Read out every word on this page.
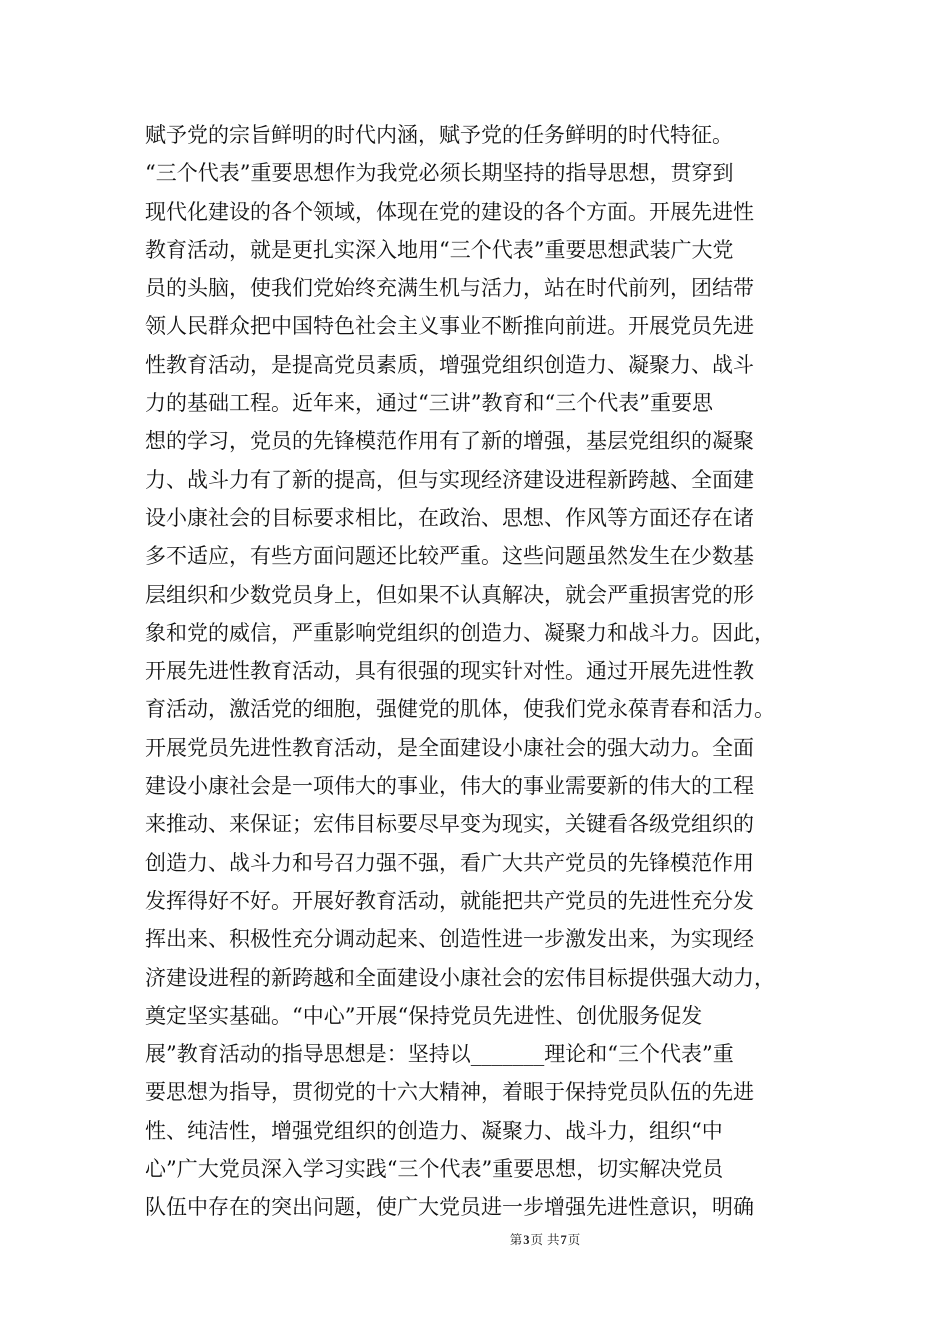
赋予党的宗旨鲜明的时代内涵，赋予党的任务鲜明的时代特征。
“三个代表”重要思想作为我党必须长期坚持的指导思想，贯穿到
现代化建设的各个领域，体现在党的建设的各个方面。开展先进性
教育活动，就是更扎实深入地用“三个代表”重要思想武装广大党
员的头脑，使我们党始终充满生机与活力，站在时代前列，团结带
领人民群众把中国特色社会主义事业不断推向前进。开展党员先进
性教育活动，是提高党员素质，增强党组织创造力、凝聚力、战斗
力的基础工程。近年来，通过“三讲”教育和“三个代表”重要思
想的学习，党员的先锋模范作用有了新的增强，基层党组织的凝聚
力、战斗力有了新的提高，但与实现经济建设进程新跨越、全面建
设小康社会的目标要求相比，在政治、思想、作风等方面还存在诸
多不适应，有些方面问题还比较严重。这些问题虽然发生在少数基
层组织和少数党员身上，但如果不认真解决，就会严重损害党的形
象和党的威信，严重影响党组织的创造力、凝聚力和战斗力。因此，
开展先进性教育活动，具有很强的现实针对性。通过开展先进性教
育活动，激活党的细胞，强健党的肌体，使我们党永葆青春和活力。
开展党员先进性教育活动，是全面建设小康社会的强大动力。全面
建设小康社会是一项伟大的事业，伟大的事业需要新的伟大的工程
来推动、来保证；宏伟目标要尽早变为现实，关键看各级党组织的
创造力、战斗力和号召力强不强，看广大共产党员的先锋模范作用
发挥得好不好。开展好教育活动，就能把共产党员的先进性充分发
挥出来、积极性充分调动起来、创造性进一步激发出来，为实现经
济建设进程的新跨越和全面建设小康社会的宏伟目标提供强大动力，
奠定坚实基础。“中心”开展“保持党员先进性、创优服务促发
展”教育活动的指导思想是：坚持以_______理论和“三个代表”重
要思想为指导，贯彻党的十六大精神，着眼于保持党员队伍的先进
性、纯洁性，增强党组织的创造力、凝聚力、战斗力，组织“中
心”广大党员深入学习实践“三个代表”重要思想，切实解决党员
队伍中存在的突出问题，使广大党员进一步增强先进性意识，明确
第3页 共7页
